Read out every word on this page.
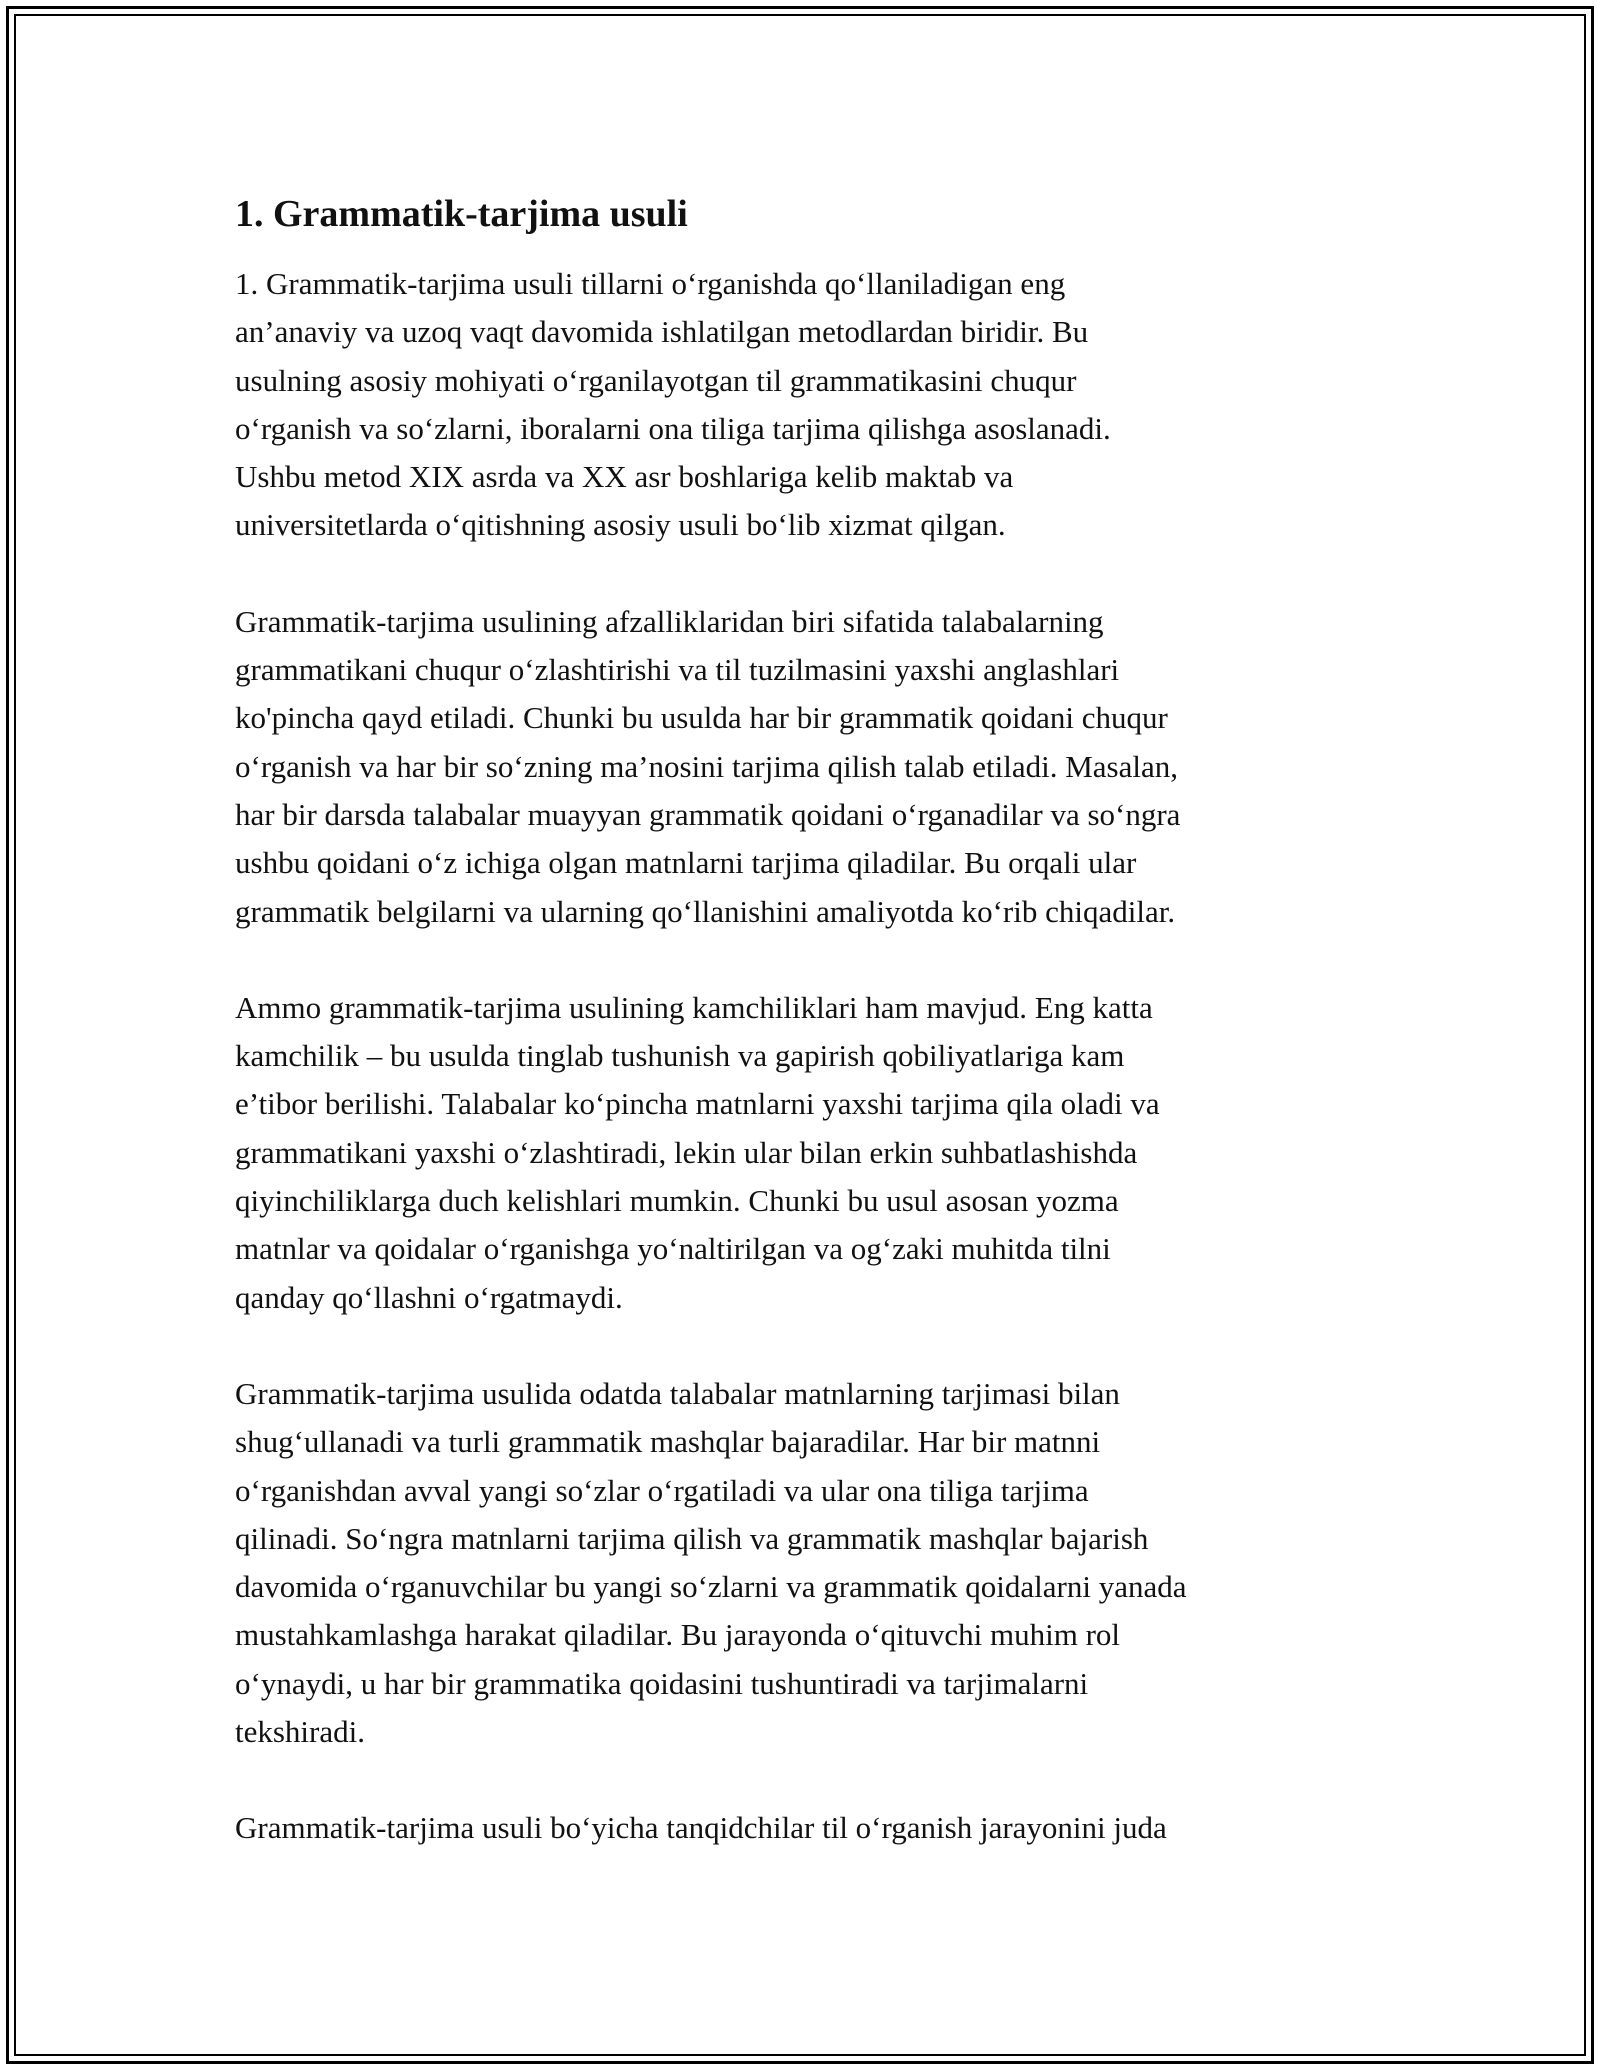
1. Grammatik-tarjima usuli
1. Grammatik-tarjima usuli tillarni oʻrganishda qoʻllaniladigan eng
an’anaviy va uzoq vaqt davomida ishlatilgan metodlardan biridir. Bu
usulning asosiy mohiyati oʻrganilayotgan til grammatikasini chuqur
oʻrganish va soʻzlarni, iboralarni ona tiliga tarjima qilishga asoslanadi.
Ushbu metod XIX asrda va XX asr boshlariga kelib maktab va
universitetlarda oʻqitishning asosiy usuli boʻlib xizmat qilgan.
Grammatik-tarjima usulining afzalliklaridan biri sifatida talabalarning
grammatikani chuqur oʻzlashtirishi va til tuzilmasini yaxshi anglashlari
ko'pincha qayd etiladi. Chunki bu usulda har bir grammatik qoidani chuqur
oʻrganish va har bir soʻzning ma’nosini tarjima qilish talab etiladi. Masalan,
har bir darsda talabalar muayyan grammatik qoidani oʻrganadilar va soʻngra
ushbu qoidani oʻz ichiga olgan matnlarni tarjima qiladilar. Bu orqali ular
grammatik belgilarni va ularning qoʻllanishini amaliyotda koʻrib chiqadilar.
Ammo grammatik-tarjima usulining kamchiliklari ham mavjud. Eng katta
kamchilik – bu usulda tinglab tushunish va gapirish qobiliyatlariga kam
e’tibor berilishi. Talabalar koʻpincha matnlarni yaxshi tarjima qila oladi va
grammatikani yaxshi oʻzlashtiradi, lekin ular bilan erkin suhbatlashishda
qiyinchiliklarga duch kelishlari mumkin. Chunki bu usul asosan yozma
matnlar va qoidalar oʻrganishga yoʻnaltirilgan va ogʻzaki muhitda tilni
qanday qoʻllashni oʻrgatmaydi.
Grammatik-tarjima usulida odatda talabalar matnlarning tarjimasi bilan
shugʻullanadi va turli grammatik mashqlar bajaradilar. Har bir matnni
oʻrganishdan avval yangi soʻzlar oʻrgatiladi va ular ona tiliga tarjima
qilinadi. Soʻngra matnlarni tarjima qilish va grammatik mashqlar bajarish
davomida oʻrganuvchilar bu yangi soʻzlarni va grammatik qoidalarni yanada
mustahkamlashga harakat qiladilar. Bu jarayonda oʻqituvchi muhim rol
oʻynaydi, u har bir grammatika qoidasini tushuntiradi va tarjimalarni
tekshiradi.
Grammatik-tarjima usuli boʻyicha tanqidchilar til oʻrganish jarayonini juda
